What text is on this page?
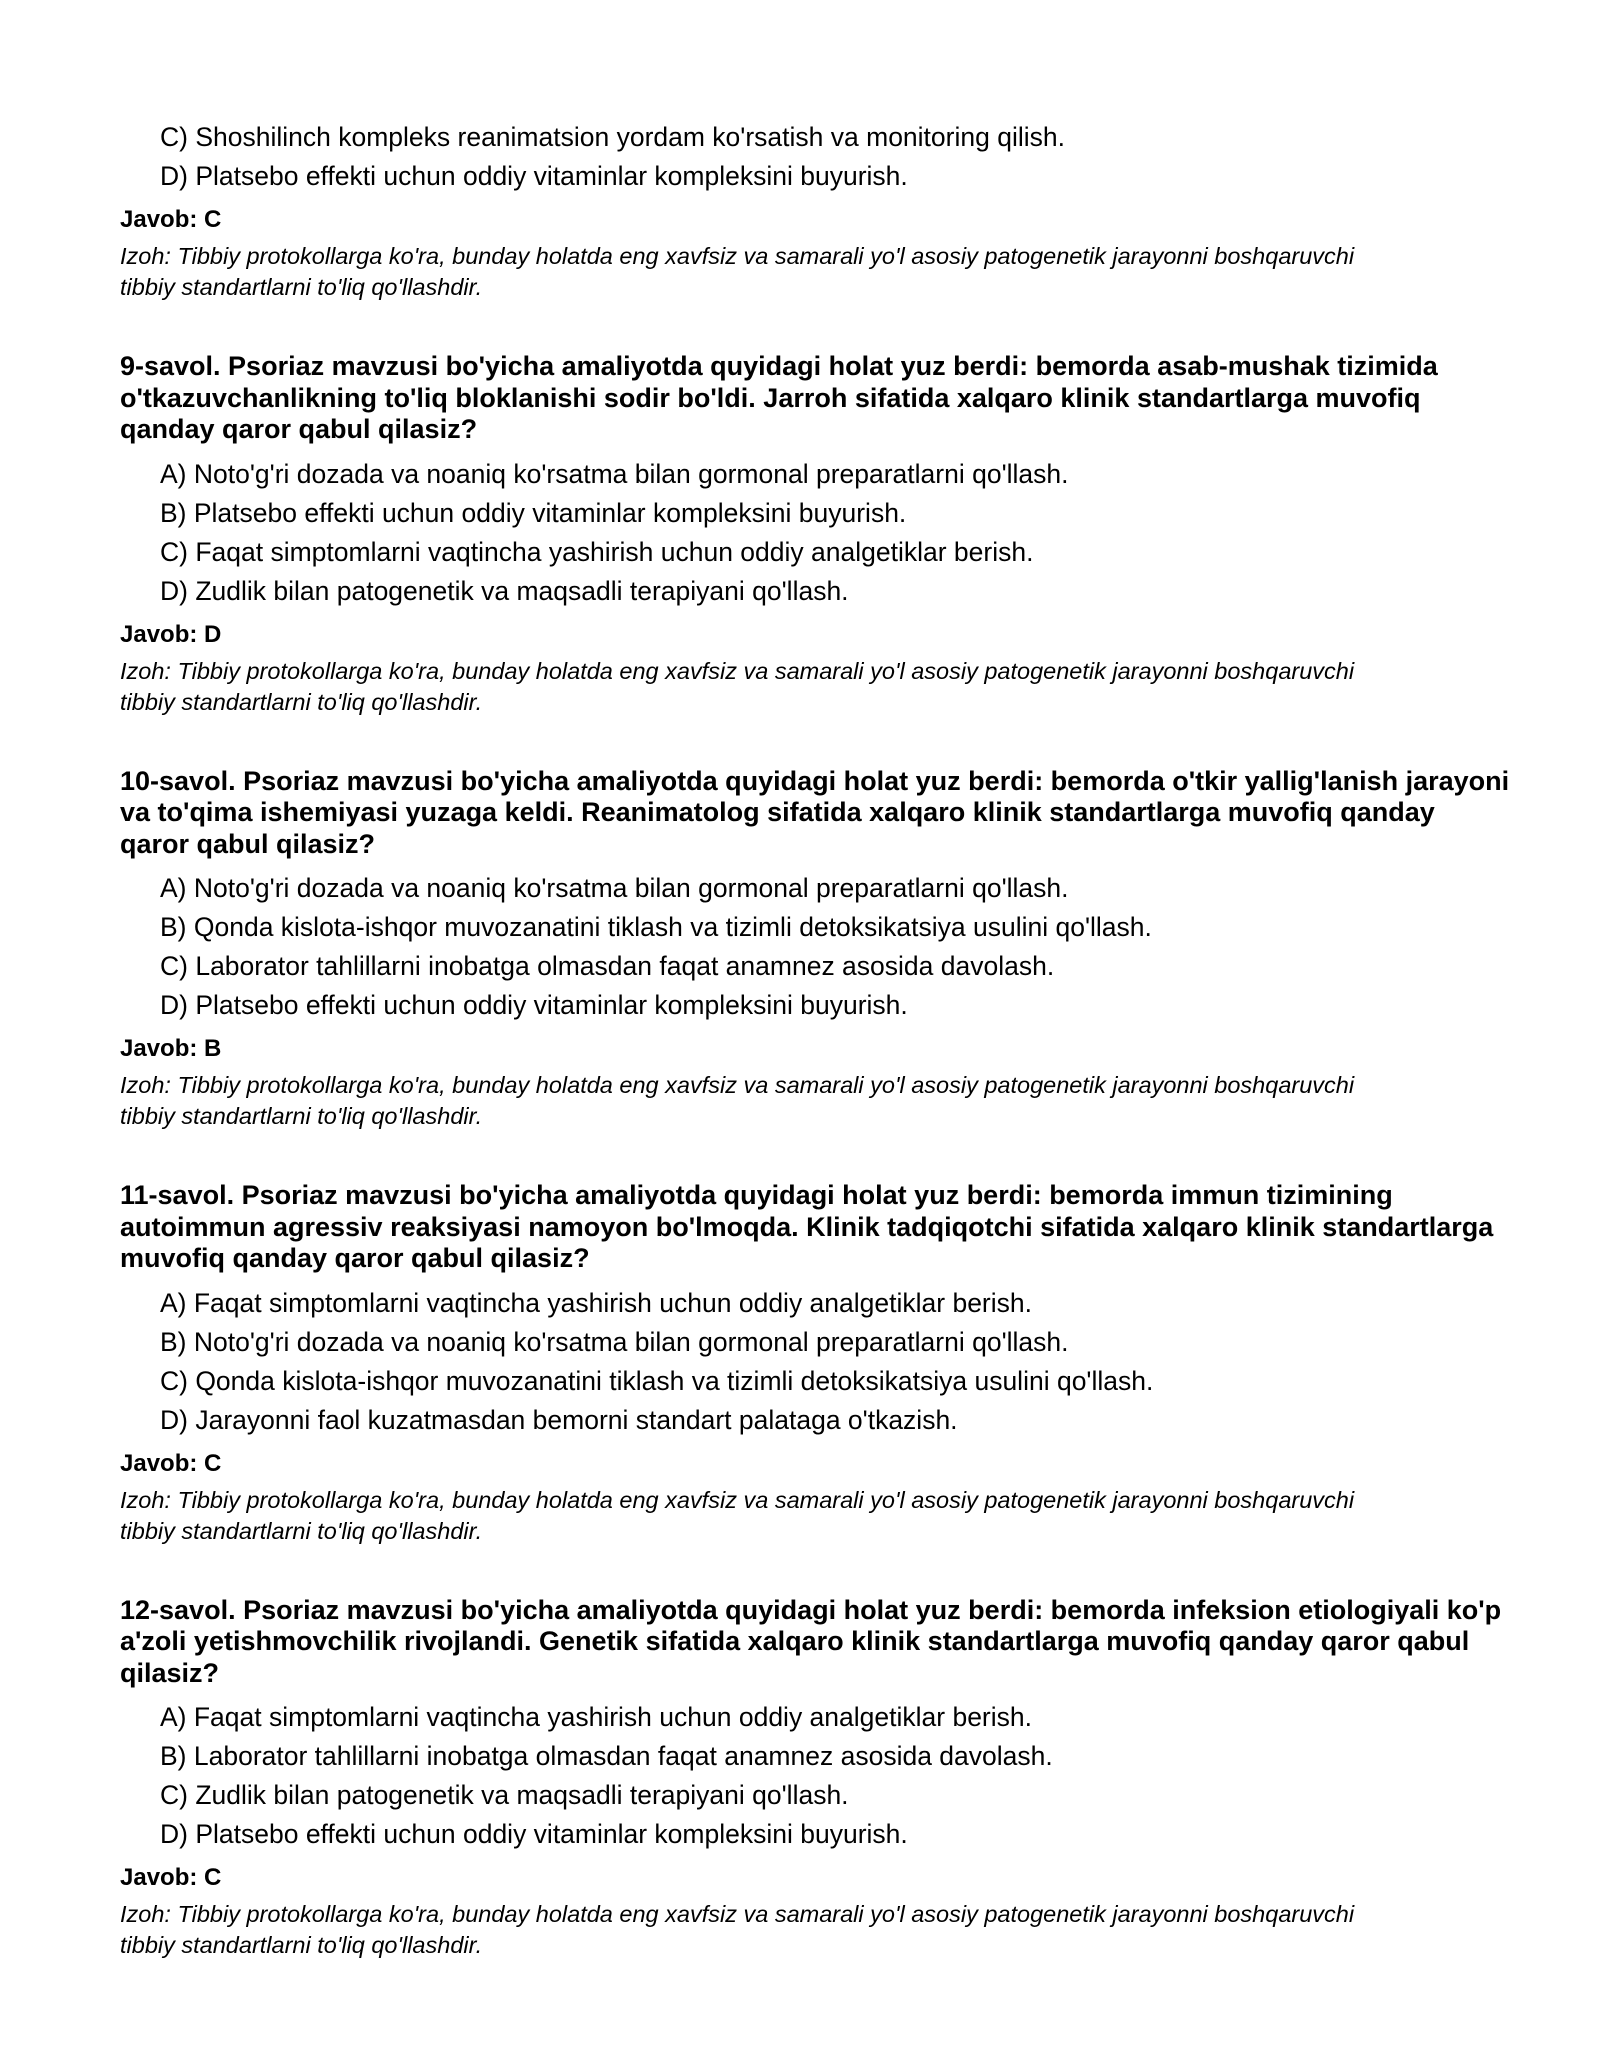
C) Shoshilinch kompleks reanimatsion yordam ko'rsatish va monitoring qilish.

D) Platsebo effekti uchun oddiy vitaminlar kompleksini buyurish.

Javob: C

Izoh: Tibbiy protokollarga ko'ra, bunday holatda eng xavfsiz va samarali yo'l asosiy patogenetik jarayonni boshqaruvchi tibbiy standartlarni to'liq qo'llashdir.

9-savol. Psoriaz mavzusi bo'yicha amaliyotda quyidagi holat yuz berdi: bemorda asab-mushak tizimida o'tkazuvchanlikning to'liq bloklanishi sodir bo'ldi. Jarroh sifatida xalqaro klinik standartlarga muvofiq qanday qaror qabul qilasiz?

A) Noto'g'ri dozada va noaniq ko'rsatma bilan gormonal preparatlarni qo'llash.

B) Platsebo effekti uchun oddiy vitaminlar kompleksini buyurish.

C) Faqat simptomlarni vaqtincha yashirish uchun oddiy analgetiklar berish.

D) Zudlik bilan patogenetik va maqsadli terapiyani qo'llash.

Javob: D

Izoh: Tibbiy protokollarga ko'ra, bunday holatda eng xavfsiz va samarali yo'l asosiy patogenetik jarayonni boshqaruvchi tibbiy standartlarni to'liq qo'llashdir.

10-savol. Psoriaz mavzusi bo'yicha amaliyotda quyidagi holat yuz berdi: bemorda o'tkir yallig'lanish jarayoni va to'qima ishemiyasi yuzaga keldi. Reanimatolog sifatida xalqaro klinik standartlarga muvofiq qanday qaror qabul qilasiz?

A) Noto'g'ri dozada va noaniq ko'rsatma bilan gormonal preparatlarni qo'llash.

B) Qonda kislota-ishqor muvozanatini tiklash va tizimli detoksikatsiya usulini qo'llash.

C) Laborator tahlillarni inobatga olmasdan faqat anamnez asosida davolash.

D) Platsebo effekti uchun oddiy vitaminlar kompleksini buyurish.

Javob: B

Izoh: Tibbiy protokollarga ko'ra, bunday holatda eng xavfsiz va samarali yo'l asosiy patogenetik jarayonni boshqaruvchi tibbiy standartlarni to'liq qo'llashdir.

11-savol. Psoriaz mavzusi bo'yicha amaliyotda quyidagi holat yuz berdi: bemorda immun tizimining autoimmun agressiv reaksiyasi namoyon bo'lmoqda. Klinik tadqiqotchi sifatida xalqaro klinik standartlarga muvofiq qanday qaror qabul qilasiz?

A) Faqat simptomlarni vaqtincha yashirish uchun oddiy analgetiklar berish.

B) Noto'g'ri dozada va noaniq ko'rsatma bilan gormonal preparatlarni qo'llash.

C) Qonda kislota-ishqor muvozanatini tiklash va tizimli detoksikatsiya usulini qo'llash.

D) Jarayonni faol kuzatmasdan bemorni standart palataga o'tkazish.

Javob: C

Izoh: Tibbiy protokollarga ko'ra, bunday holatda eng xavfsiz va samarali yo'l asosiy patogenetik jarayonni boshqaruvchi tibbiy standartlarni to'liq qo'llashdir.

12-savol. Psoriaz mavzusi bo'yicha amaliyotda quyidagi holat yuz berdi: bemorda infeksion etiologiyali ko'p a'zoli yetishmovchilik rivojlandi. Genetik sifatida xalqaro klinik standartlarga muvofiq qanday qaror qabul qilasiz?

A) Faqat simptomlarni vaqtincha yashirish uchun oddiy analgetiklar berish.

B) Laborator tahlillarni inobatga olmasdan faqat anamnez asosida davolash.

C) Zudlik bilan patogenetik va maqsadli terapiyani qo'llash.

D) Platsebo effekti uchun oddiy vitaminlar kompleksini buyurish.

Javob: C

Izoh: Tibbiy protokollarga ko'ra, bunday holatda eng xavfsiz va samarali yo'l asosiy patogenetik jarayonni boshqaruvchi tibbiy standartlarni to'liq qo'llashdir.
